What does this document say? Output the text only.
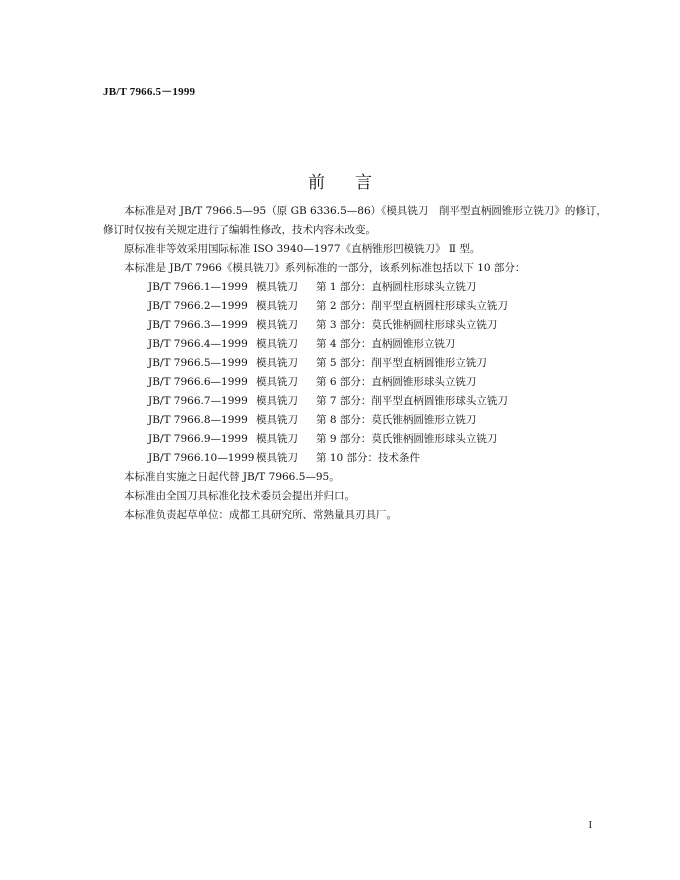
JB/T 7966.5－1999
前言
本标准是对 JB/T 7966.5—95（原 GB 6336.5—86）《模具铣刀　削平型直柄圆锥形立铣刀》的修订，
修订时仅按有关规定进行了编辑性修改，技术内容未改变。
原标准非等效采用国际标准 ISO 3940—1977《直柄锥形凹模铣刀》 Ⅱ 型。
本标准是 JB/T 7966《模具铣刀》系列标准的一部分，该系列标准包括以下 10 部分：
JB/T 7966.1—1999 模具铣刀 第 1 部分：直柄圆柱形球头立铣刀
JB/T 7966.2—1999 模具铣刀 第 2 部分：削平型直柄圆柱形球头立铣刀
JB/T 7966.3—1999 模具铣刀 第 3 部分：莫氏锥柄圆柱形球头立铣刀
JB/T 7966.4—1999 模具铣刀 第 4 部分：直柄圆锥形立铣刀
JB/T 7966.5—1999 模具铣刀 第 5 部分：削平型直柄圆锥形立铣刀
JB/T 7966.6—1999 模具铣刀 第 6 部分：直柄圆锥形球头立铣刀
JB/T 7966.7—1999 模具铣刀 第 7 部分：削平型直柄圆锥形球头立铣刀
JB/T 7966.8—1999 模具铣刀 第 8 部分：莫氏锥柄圆锥形立铣刀
JB/T 7966.9—1999 模具铣刀 第 9 部分：莫氏锥柄圆锥形球头立铣刀
JB/T 7966.10—1999 模具铣刀 第 10 部分：技术条件
本标准自实施之日起代替 JB/T 7966.5—95。
本标准由全国刀具标准化技术委员会提出并归口。
本标准负责起草单位：成都工具研究所、常熟量具刃具厂。
I
